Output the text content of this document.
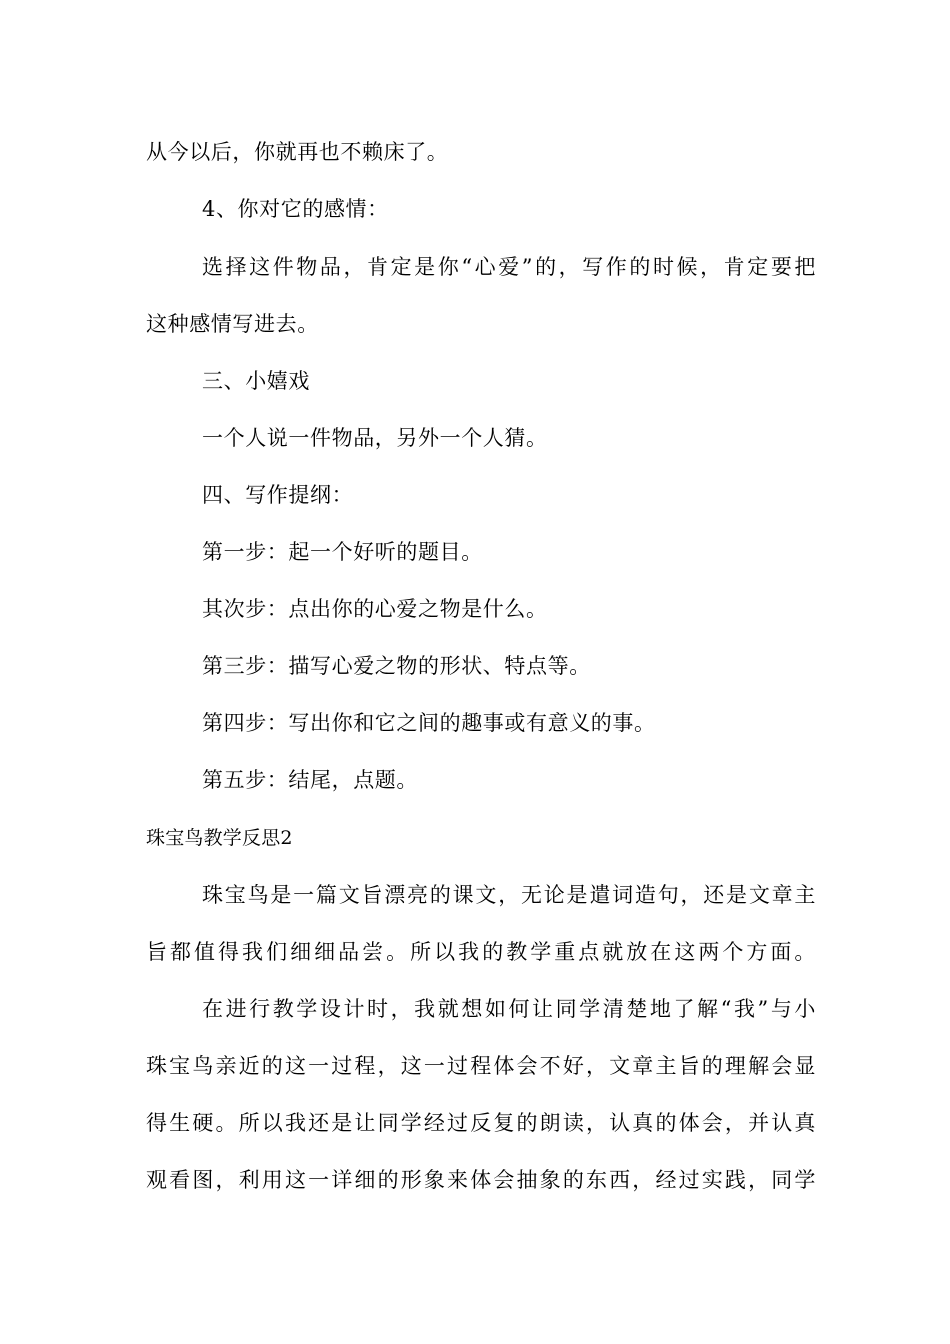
从今以后，你就再也不赖床了。
4、你对它的感情：
选择这件物品，肯定是你“心爱”的，写作的时候，肯定要把
这种感情写进去。
三、小嬉戏
一个人说一件物品，另外一个人猜。
四、写作提纲：
第一步：起一个好听的题目。
其次步：点出你的心爱之物是什么。
第三步：描写心爱之物的形状、特点等。
第四步：写出你和它之间的趣事或有意义的事。
第五步：结尾，点题。
珠宝鸟教学反思2
珠宝鸟是一篇文旨漂亮的课文，无论是遣词造句，还是文章主
旨都值得我们细细品尝。所以我的教学重点就放在这两个方面。
在进行教学设计时，我就想如何让同学清楚地了解“我”与小
珠宝鸟亲近的这一过程，这一过程体会不好，文章主旨的理解会显
得生硬。所以我还是让同学经过反复的朗读，认真的体会，并认真
观看图，利用这一详细的形象来体会抽象的东西，经过实践，同学
